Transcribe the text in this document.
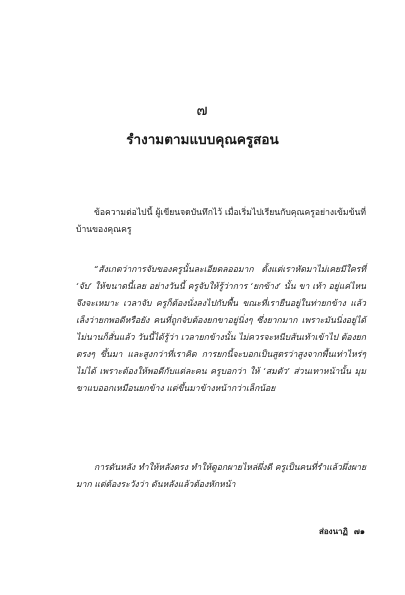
๗
รำงามตามแบบคุณครูสอน
ข้อความต่อไปนี้ ผู้เขียนจดบันทึกไว้ เมื่อเริ่มไปเรียนกับคุณครูอย่างเข้มข้นที่บ้านของคุณครู
“สังเกตว่าการจับของครูนั้นละเอียดลออมาก ตั้งแต่เราหัดมาไม่เคยมีใครที่ ‘จับ’ ให้ขนาดนี้เลย อย่างวันนี้ ครูจับให้รู้ว่าการ ‘ยกข้าง’ นั้น ขา เท้า อยู่แค่ไหนจึงจะเหมาะ เวลาจับ ครูก็ต้องนั่งลงไปกับพื้น ขณะที่เรายืนอยู่ในท่ายกข้าง แล้วเล็งว่ายกพอดีหรือยัง คนที่ถูกจับต้องยกขาอยู่นิ่งๆ ซึ่งยากมาก เพราะมันนิ่งอยู่ได้ไม่นานก็สั่นแล้ว วันนี้ได้รู้ว่า เวลายกข้างนั้น ไม่ควรจะหนีบส้นเท้าเข้าไป ต้องยกตรงๆ ขึ้นมา และสูงกว่าที่เราคิด การยกนี้จะบอกเป็นสูตรว่าสูงจากพื้นเท่าไหร่ๆ ไม่ได้ เพราะต้องให้พอดีกับแต่ละคน ครูบอกว่า ให้ ‘สมตัว’ ส่วนเทาหน้านั้น มุมขาแบออกเหมือนยกข้าง แต่ขึ้นมาข้างหน้ากว่าเล็กน้อย
การดันหลัง ทำให้หลังตรง ทำให้ดูอกผายไหล่ผึ่งดี ครูเป็นคนที่รำแล้วผึ่งผายมาก แต่ต้องระวังว่า ดันหลังแล้วต้องหักหน้า
ส่องนาฏิ ๗๑
